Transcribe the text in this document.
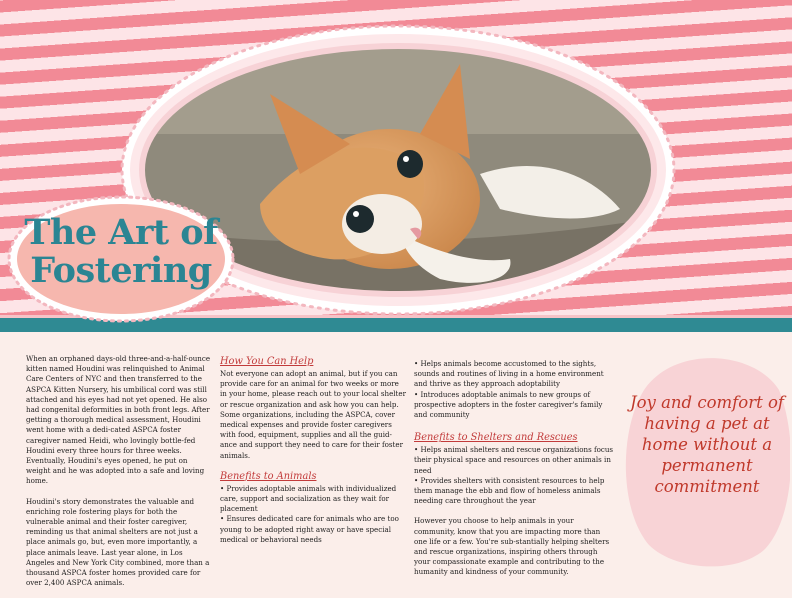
The Art of
Fostering

When an orphaned days-old three-and-a-half-ounce kitten named Houdini was relinquished to Animal Care Centers of NYC and then transferred to the ASPCA Kitten Nursery, his umbilical cord was still attached and his eyes had not yet opened. He also had congenital deformities in both front legs. After getting a thorough medical assessment, Houdini went home with a dedi-cated ASPCA foster caregiver named Heidi, who lovingly bottle-fed Houdini every three hours for three weeks. Eventually, Houdini's eyes opened, he put on weight and he was adopted into a safe and loving home.

Houdini's story demonstrates the valuable and enriching role fostering plays for both the vulnerable animal and their foster caregiver, reminding us that animal shelters are not just a place animals go, but, even more importantly, a place animals leave. Last year alone, in Los Angeles and New York City combined, more than a thousand ASPCA foster homes provided care for over 2,400 ASPCA animals.

How You Can Help

Not everyone can adopt an animal, but if you can provide care for an animal for two weeks or more in your home, please reach out to your local shelter or rescue organization and ask how you can help. Some organizations, including the ASPCA, cover medical expenses and provide foster caregivers with food, equipment, supplies and all the guid-ance and support they need to care for their foster animals.

Benefits to Animals
• Provides adoptable animals with individualized care, support and socialization as they wait for placement
• Ensures dedicated care for animals who are too young to be adopted right away or have special medical or behavioral needs
• Helps animals become accustomed to the sights, sounds and routines of living in a home environment and thrive as they approach adoptability
• Introduces adoptable animals to new groups of prospective adopters in the foster caregiver's family and community
Benefits to Shelters and Rescues
• Helps animal shelters and rescue organizations focus their physical space and resources on other animals in need
• Provides shelters with consistent resources to help them manage the ebb and flow of homeless animals needing care throughout the year

However you choose to help animals in your community, know that you are impacting more than one life or a few. You're sub-stantially helping shelters and rescue organizations, inspiring others through your compassionate example and contributing to the humanity and kindness of your community.

Joy and comfort of having a pet at home without a permanent commitment
